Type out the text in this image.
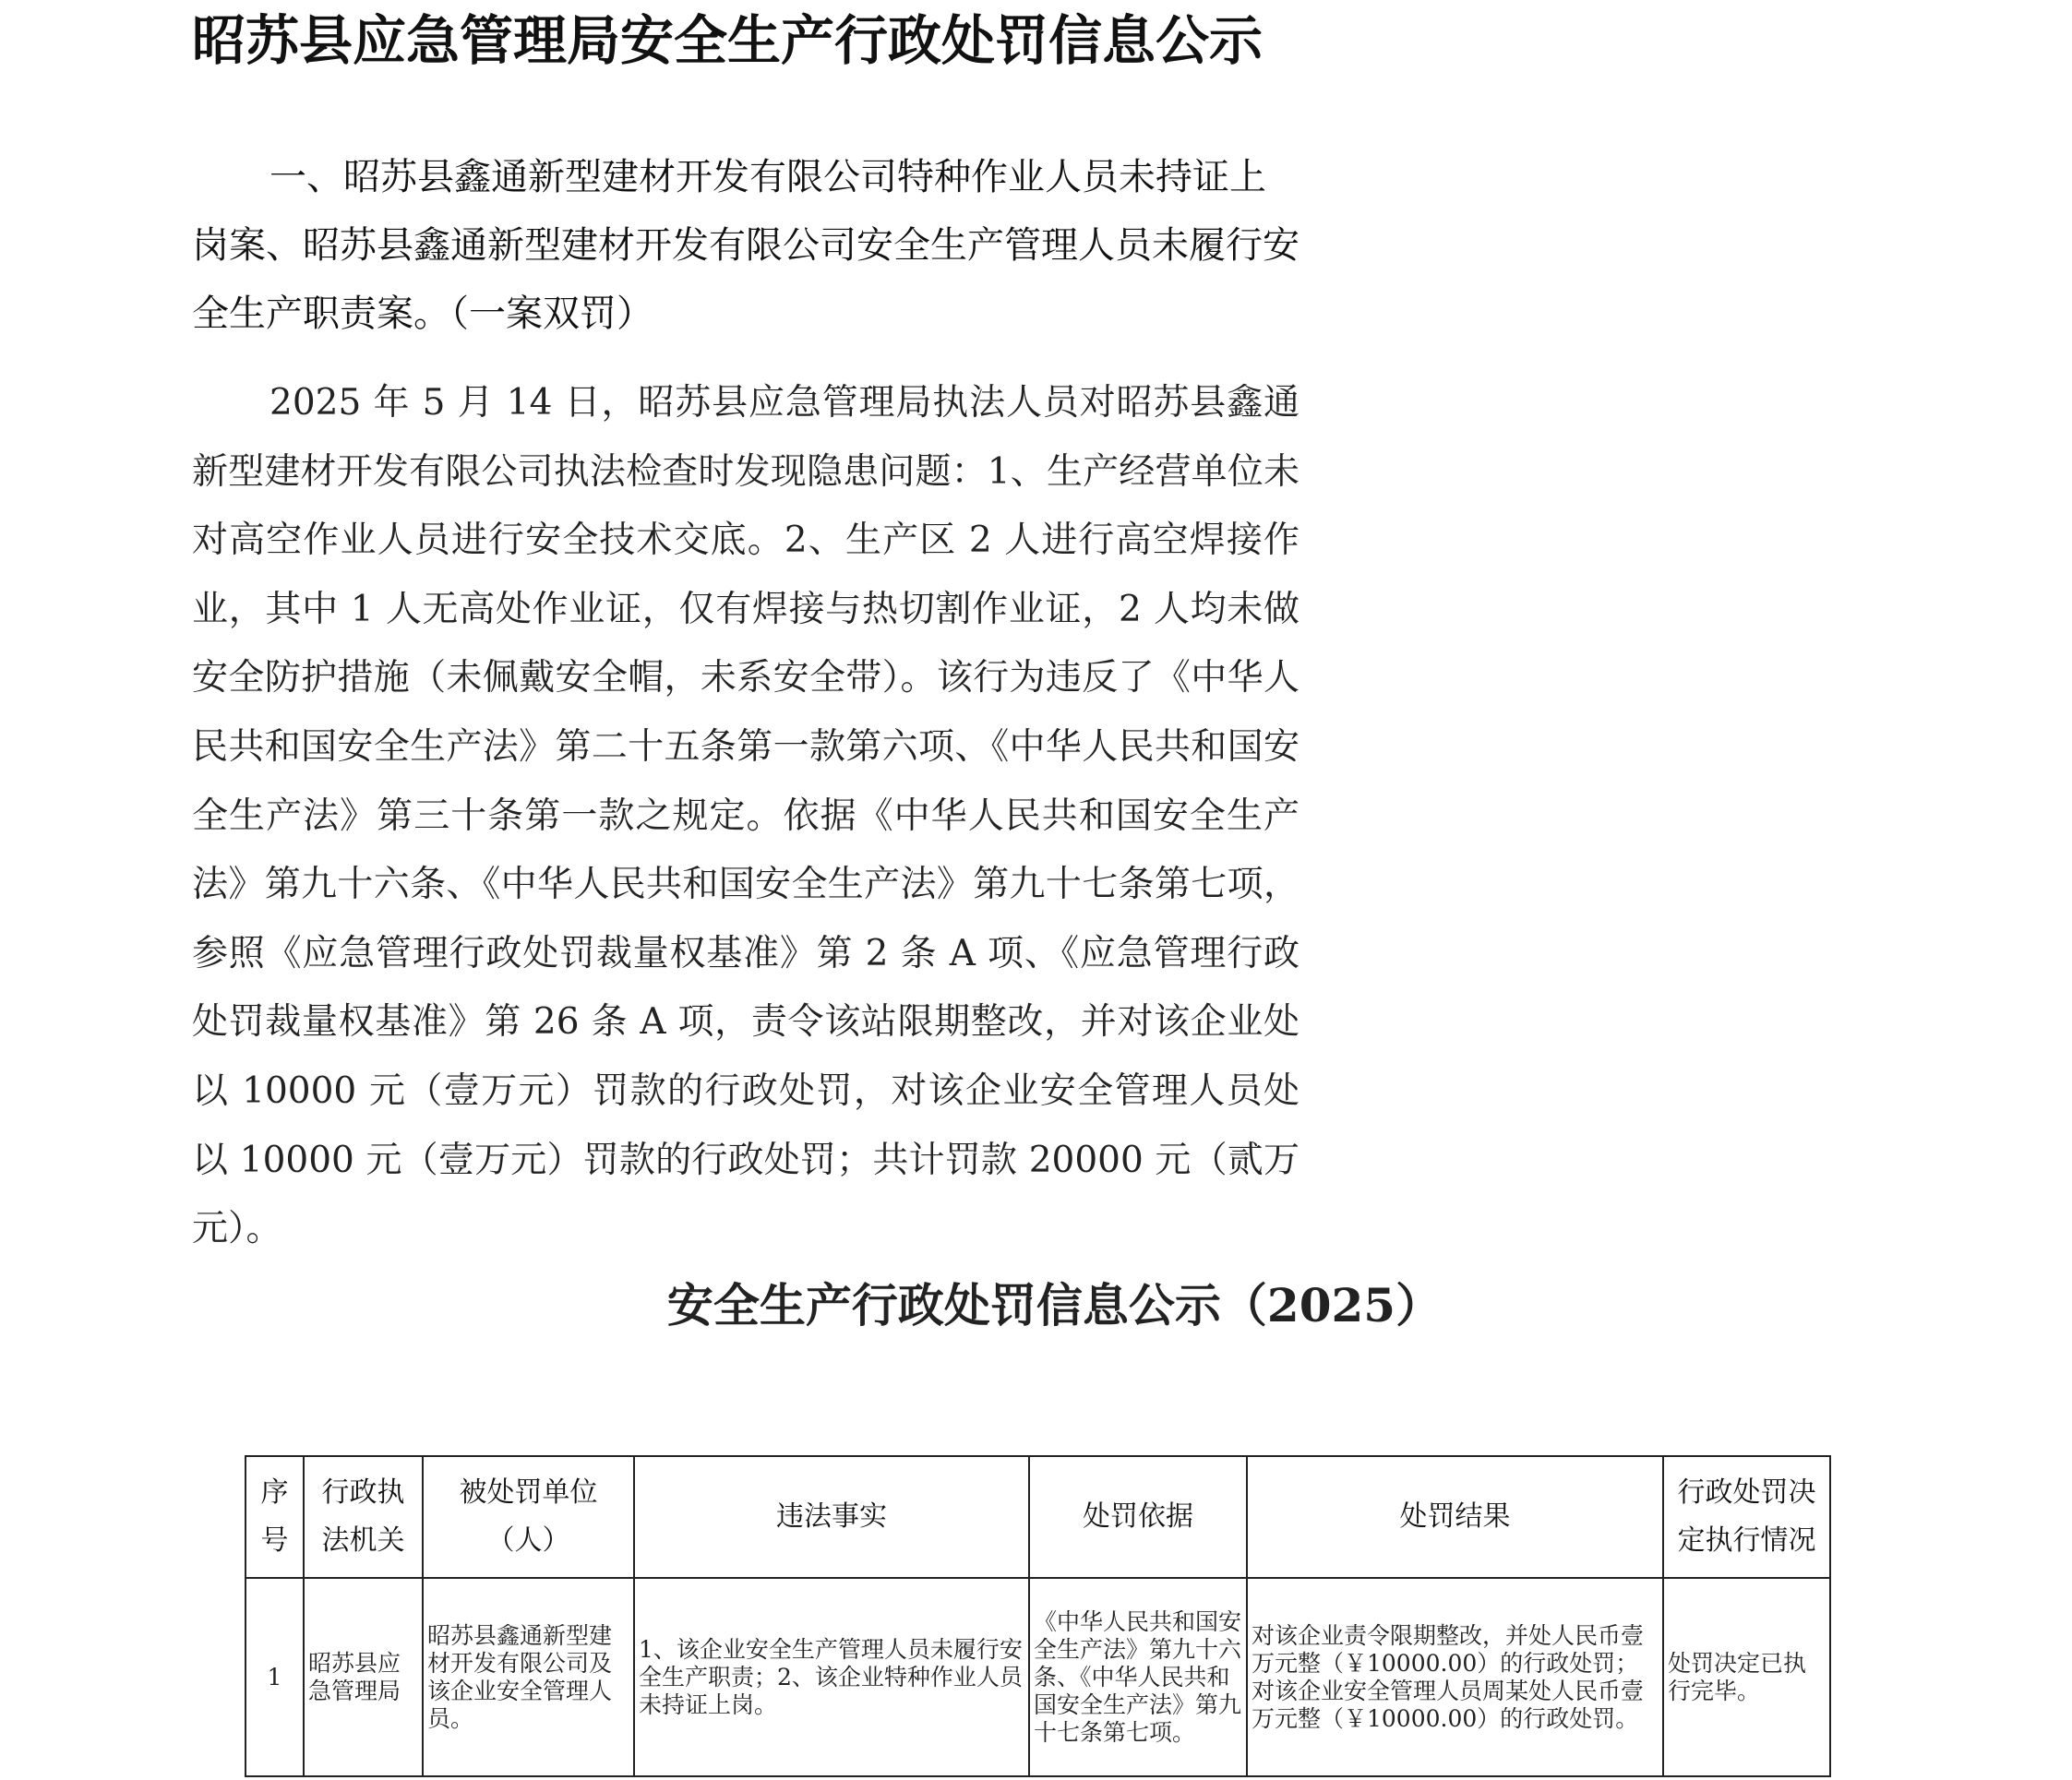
昭苏县应急管理局安全生产行政处罚信息公示

一、昭苏县鑫通新型建材开发有限公司特种作业人员未持证上岗案、昭苏县鑫通新型建材开发有限公司安全生产管理人员未履行安全生产职责案。（一案双罚）

2025 年 5 月 14 日，昭苏县应急管理局执法人员对昭苏县鑫通新型建材开发有限公司执法检查时发现隐患问题：1、生产经营单位未对高空作业人员进行安全技术交底。2、生产区 2 人进行高空焊接作业，其中 1 人无高处作业证，仅有焊接与热切割作业证，2 人均未做安全防护措施（未佩戴安全帽，未系安全带）。该行为违反了《中华人民共和国安全生产法》第二十五条第一款第六项、《中华人民共和国安全生产法》第三十条第一款之规定。依据《中华人民共和国安全生产法》第九十六条、《中华人民共和国安全生产法》第九十七条第七项，参照《应急管理行政处罚裁量权基准》第 2 条 A 项、《应急管理行政处罚裁量权基准》第 26 条 A 项，责令该站限期整改，并对该企业处以 10000 元（壹万元）罚款的行政处罚，对该企业安全管理人员处以 10000 元（壹万元）罚款的行政处罚；共计罚款 20000 元（贰万元）。

安全生产行政处罚信息公示（2025）
序号	行政执法机关	被处罚单位（人）	违法事实	处罚依据	处罚结果	行政处罚决定执行情况
1	昭苏县应急管理局	昭苏县鑫通新型建材开发有限公司及该企业安全管理人员。	1、该企业安全生产管理人员未履行安全生产职责；2、该企业特种作业人员未持证上岗。	《中华人民共和国安全生产法》第九十六条、《中华人民共和国安全生产法》第九十七条第七项。	对该企业责令限期整改，并处人民币壹万元整（￥10000.00）的行政处罚；对该企业安全管理人员周某处人民币壹万元整（￥10000.00）的行政处罚。	处罚决定已执行完毕。
